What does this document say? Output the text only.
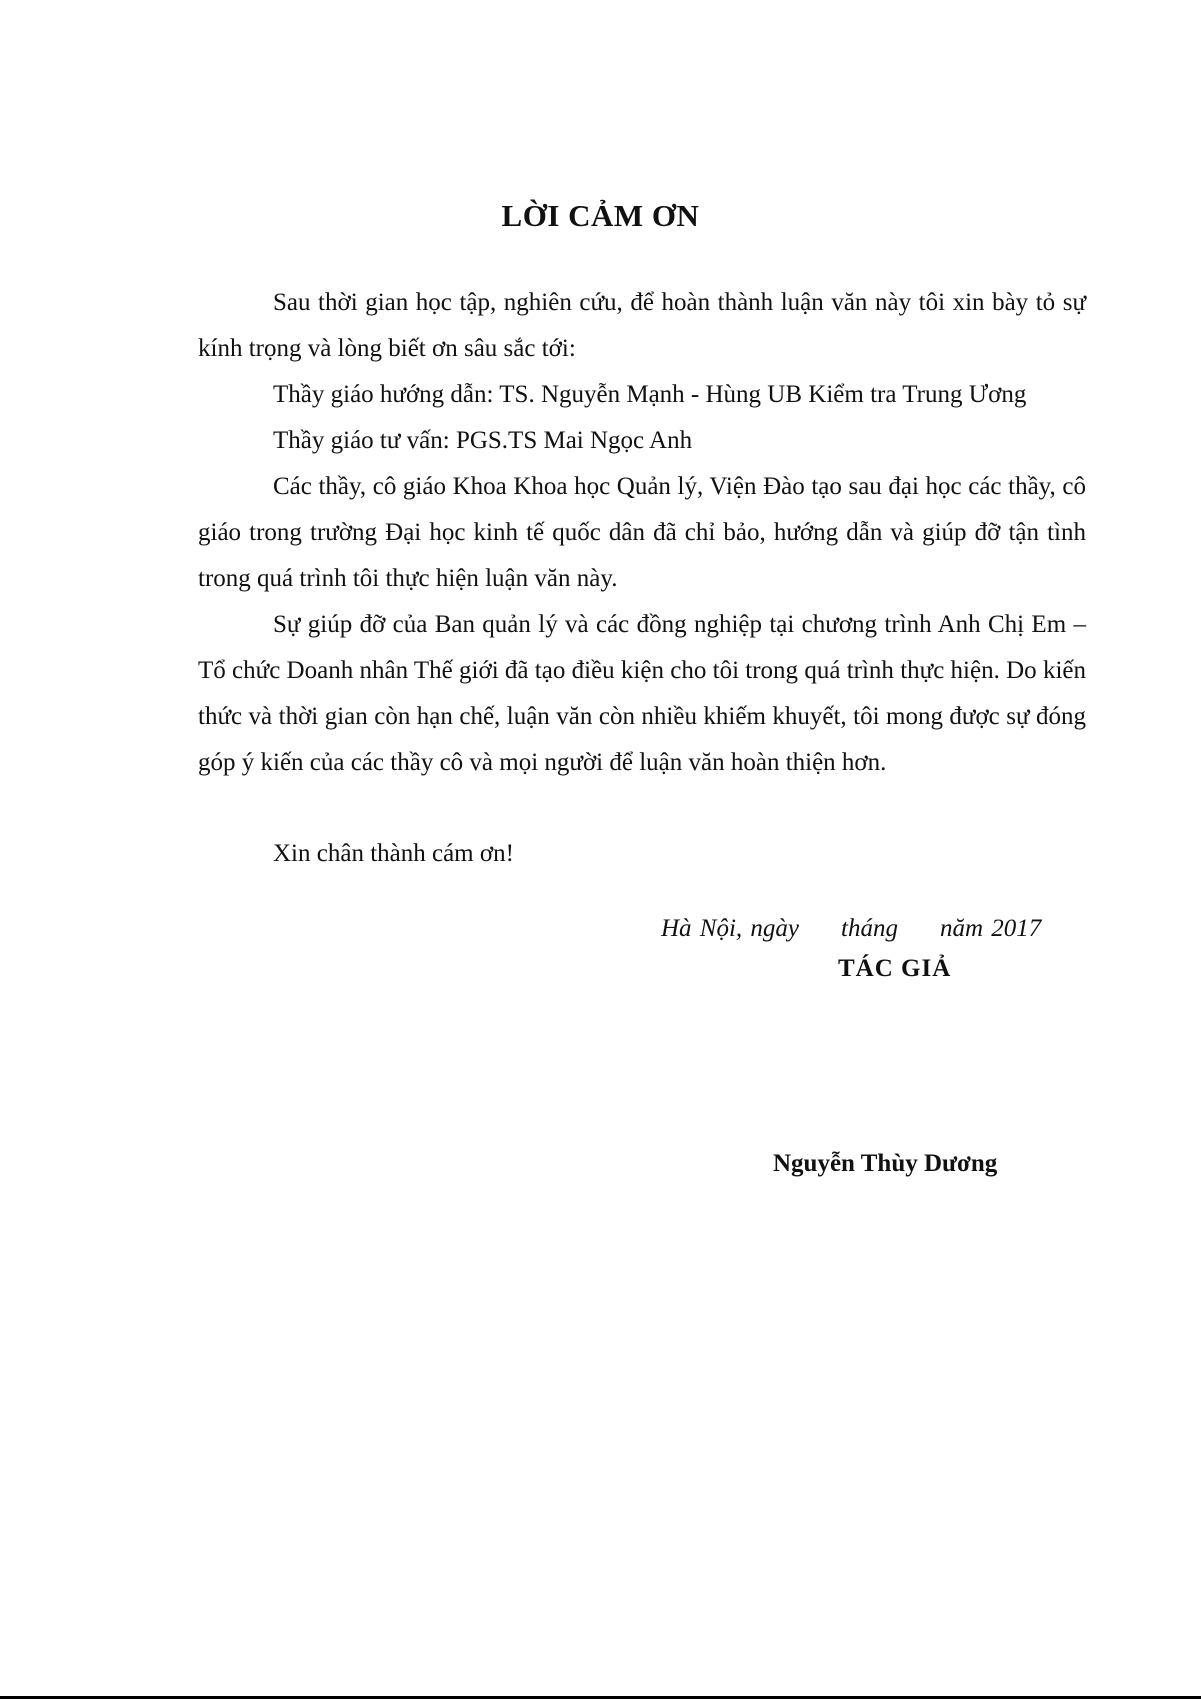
LỜI CẢM ƠN

Sau thời gian học tập, nghiên cứu, để hoàn thành luận văn này tôi xin bày tỏ sự kính trọng và lòng biết ơn sâu sắc tới:

Thầy giáo hướng dẫn: TS. Nguyễn Mạnh - Hùng UB Kiểm tra Trung Ương

Thầy giáo tư vấn: PGS.TS Mai Ngọc Anh

Các thầy, cô giáo Khoa Khoa học Quản lý, Viện Đào tạo sau đại học các thầy, cô giáo trong trường Đại học kinh tế quốc dân đã chỉ bảo, hướng dẫn và giúp đỡ tận tình trong quá trình tôi thực hiện luận văn này.

Sự giúp đỡ của Ban quản lý và các đồng nghiệp tại chương trình Anh Chị Em – Tổ chức Doanh nhân Thế giới đã tạo điều kiện cho tôi trong quá trình thực hiện. Do kiến thức và thời gian còn hạn chế, luận văn còn nhiều khiếm khuyết, tôi mong được sự đóng góp ý kiến của các thầy cô và mọi người để luận văn hoàn thiện hơn.

Xin chân thành cám ơn!

Hà Nội, ngày tháng năm 2017
TÁC GIẢ
Nguyễn Thùy Dương
